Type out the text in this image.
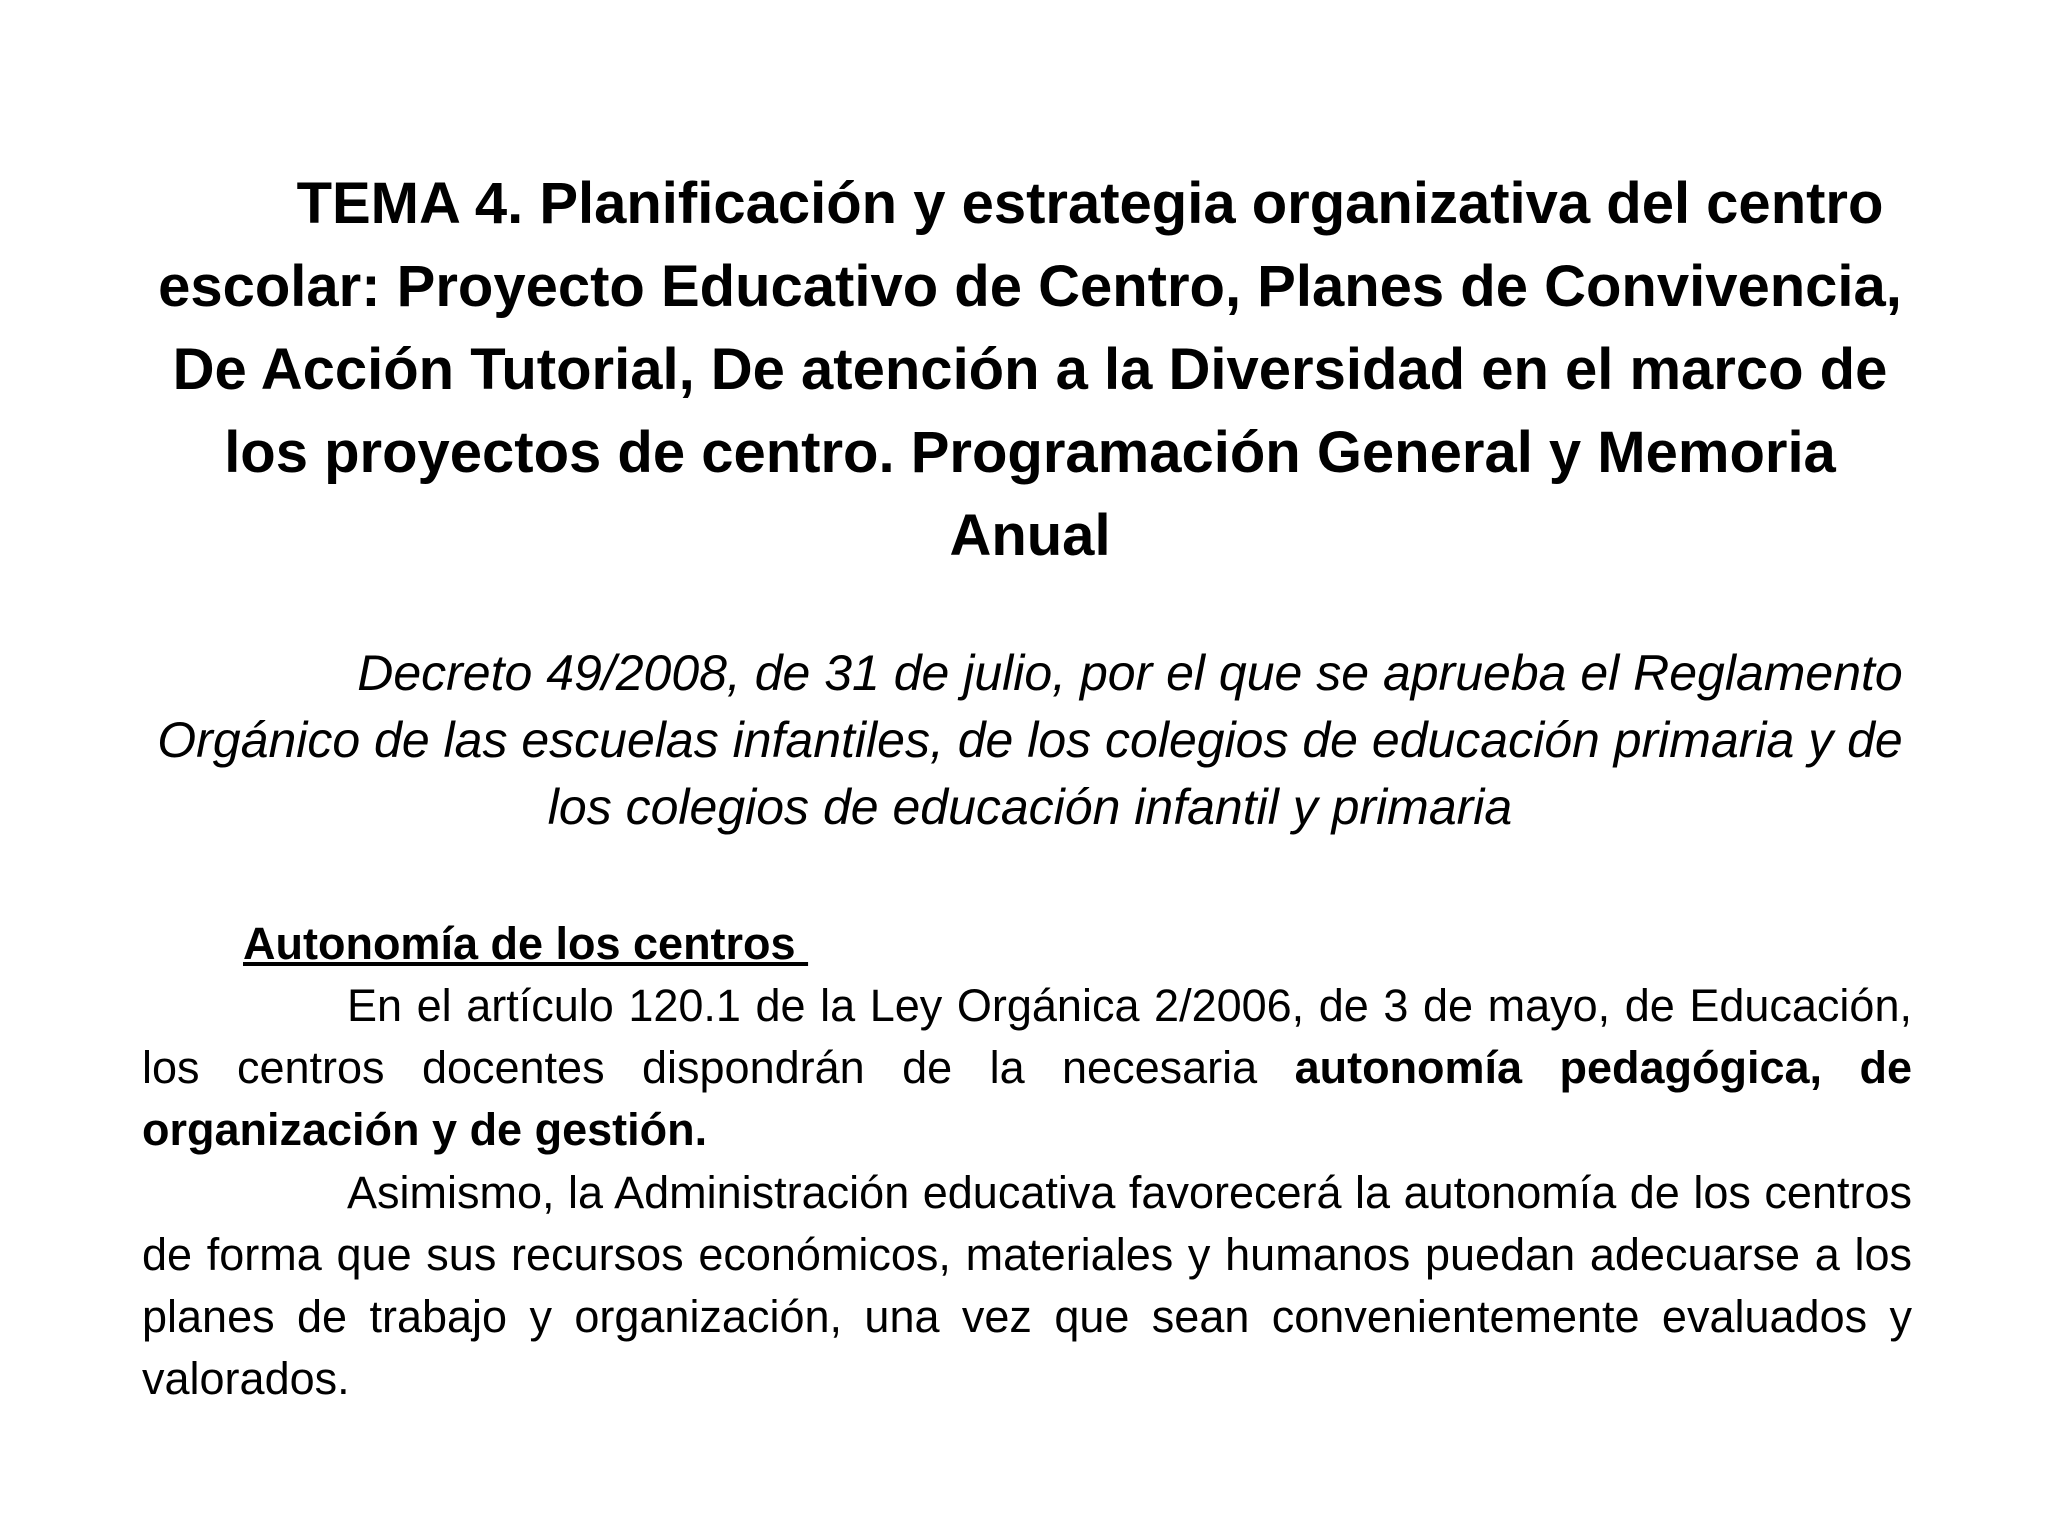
TEMA 4. Planificación y estrategia organizativa del centro escolar: Proyecto Educativo de Centro, Planes de Convivencia, De Acción Tutorial, De atención a la Diversidad en el marco de los proyectos de centro. Programación General y Memoria Anual

Decreto 49/2008, de 31 de julio, por el que se aprueba el Reglamento Orgánico de las escuelas infantiles, de los colegios de educación primaria y de los colegios de educación infantil y primaria

Autonomía de los centros

En el artículo 120.1 de la Ley Orgánica 2/2006, de 3 de mayo, de Educación, los centros docentes dispondrán de la necesaria autonomía pedagógica, de organización y de gestión.

Asimismo, la Administración educativa favorecerá la autonomía de los centros de forma que sus recursos económicos, materiales y humanos puedan adecuarse a los planes de trabajo y organización, una vez que sean convenientemente evaluados y valorados.
